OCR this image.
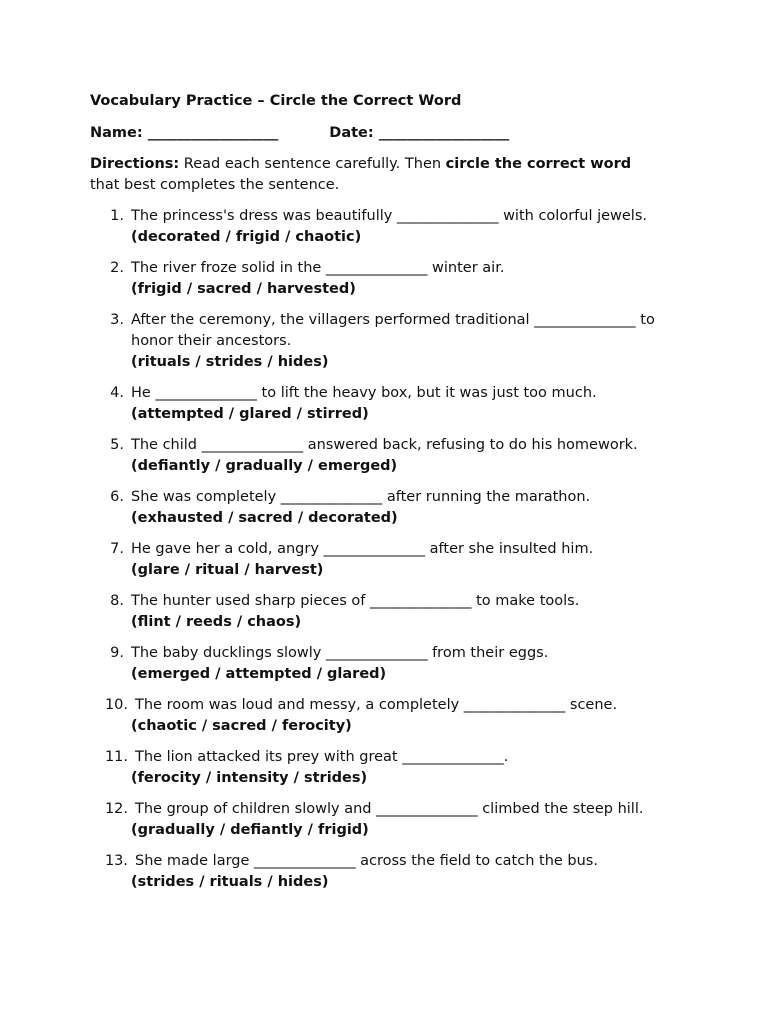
Vocabulary Practice – Circle the Correct Word
Name: __________________	Date: __________________
Directions: Read each sentence carefully. Then circle the correct word that best completes the sentence.
1. The princess's dress was beautifully ______________ with colorful jewels.
(decorated / frigid / chaotic)
2. The river froze solid in the ______________ winter air.
(frigid / sacred / harvested)
3. After the ceremony, the villagers performed traditional ______________ to honor their ancestors.
(rituals / strides / hides)
4. He ______________ to lift the heavy box, but it was just too much.
(attempted / glared / stirred)
5. The child ______________ answered back, refusing to do his homework.
(defiantly / gradually / emerged)
6. She was completely ______________ after running the marathon.
(exhausted / sacred / decorated)
7. He gave her a cold, angry ______________ after she insulted him.
(glare / ritual / harvest)
8. The hunter used sharp pieces of ______________ to make tools.
(flint / reeds / chaos)
9. The baby ducklings slowly ______________ from their eggs.
(emerged / attempted / glared)
10. The room was loud and messy, a completely ______________ scene.
(chaotic / sacred / ferocity)
11. The lion attacked its prey with great ______________.
(ferocity / intensity / strides)
12. The group of children slowly and ______________ climbed the steep hill.
(gradually / defiantly / frigid)
13. She made large ______________ across the field to catch the bus.
(strides / rituals / hides)
